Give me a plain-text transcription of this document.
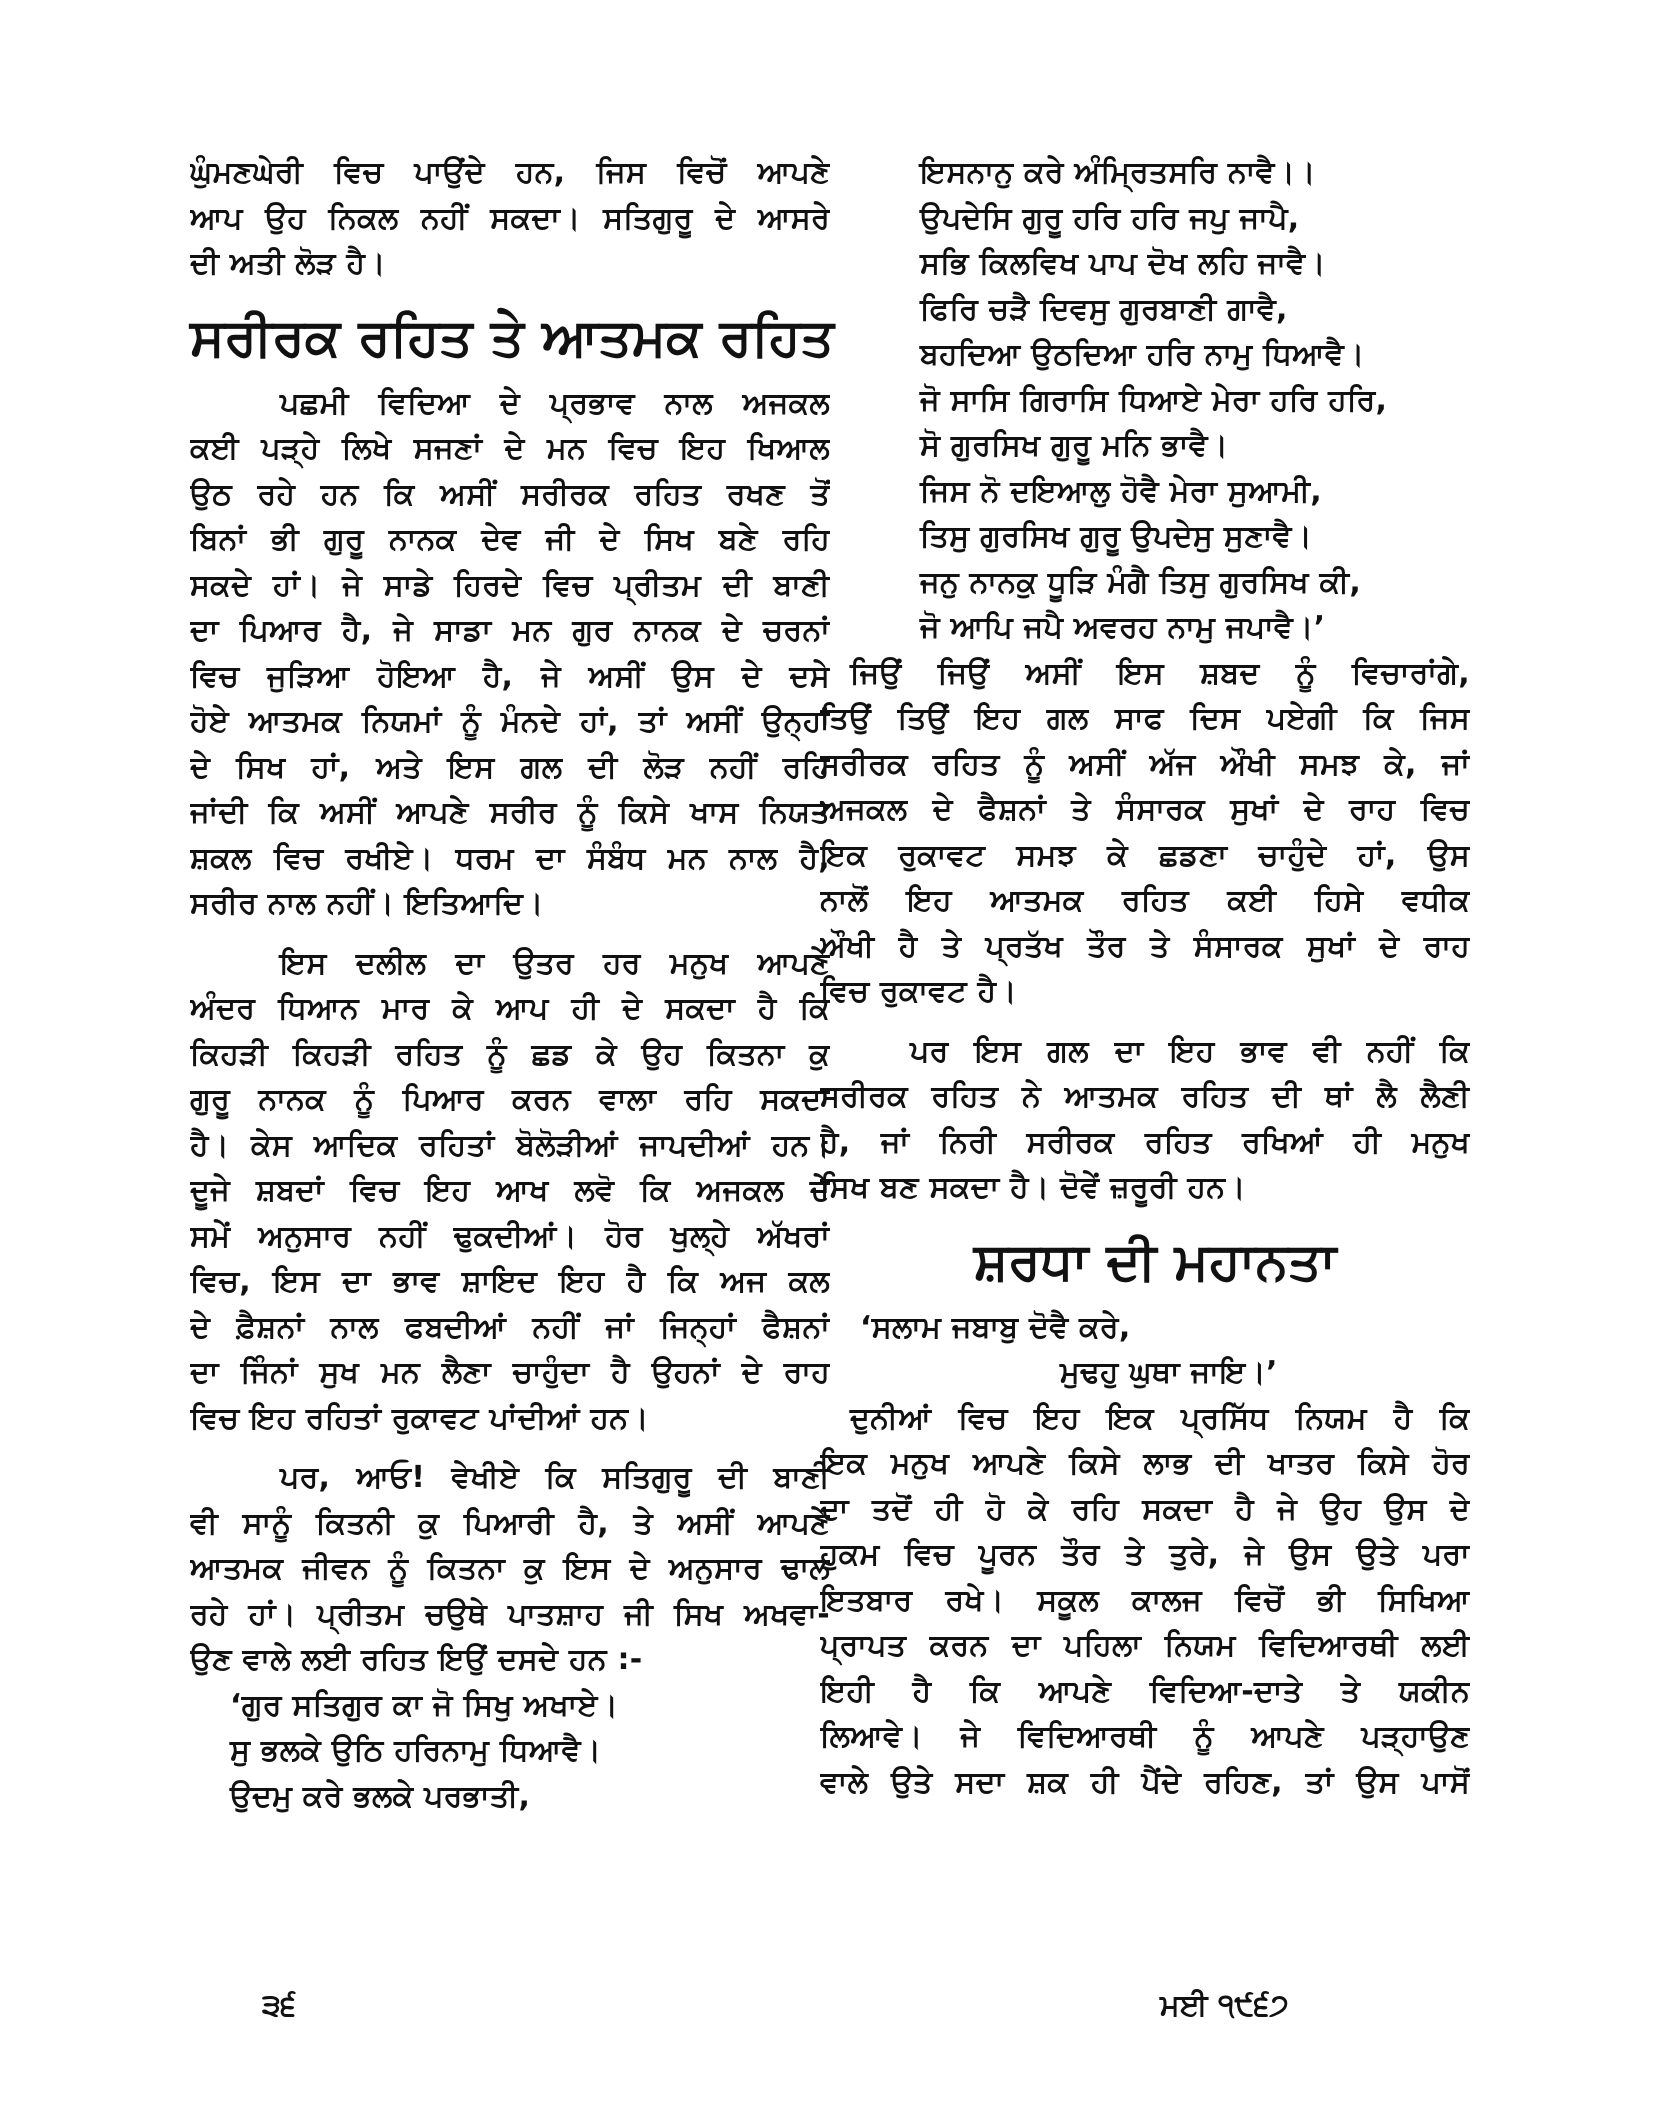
ਘੁੰਮਣਘੇਰੀ ਵਿਚ ਪਾਉਂਦੇ ਹਨ, ਜਿਸ ਵਿਚੋਂ ਆਪਣੇ
ਆਪ ਉਹ ਨਿਕਲ ਨਹੀਂ ਸਕਦਾ। ਸਤਿਗੁਰੂ ਦੇ ਆਸਰੇ
ਦੀ ਅਤੀ ਲੋੜ ਹੈ।
ਸਰੀਰਕ ਰਹਿਤ ਤੇ ਆਤਮਕ ਰਹਿਤ
ਪਛਮੀ ਵਿਦਿਆ ਦੇ ਪ੍ਰਭਾਵ ਨਾਲ ਅਜਕਲ
ਕਈ ਪੜ੍ਹੇ ਲਿਖੇ ਸਜਣਾਂ ਦੇ ਮਨ ਵਿਚ ਇਹ ਖਿਆਲ
ਉਠ ਰਹੇ ਹਨ ਕਿ ਅਸੀਂ ਸਰੀਰਕ ਰਹਿਤ ਰਖਣ ਤੋਂ
ਬਿਨਾਂ ਭੀ ਗੁਰੂ ਨਾਨਕ ਦੇਵ ਜੀ ਦੇ ਸਿਖ ਬਣੇ ਰਹਿ
ਸਕਦੇ ਹਾਂ। ਜੇ ਸਾਡੇ ਹਿਰਦੇ ਵਿਚ ਪ੍ਰੀਤਮ ਦੀ ਬਾਣੀ
ਦਾ ਪਿਆਰ ਹੈ, ਜੇ ਸਾਡਾ ਮਨ ਗੁਰ ਨਾਨਕ ਦੇ ਚਰਨਾਂ
ਵਿਚ ਜੁੜਿਆ ਹੋਇਆ ਹੈ, ਜੇ ਅਸੀਂ ਉਸ ਦੇ ਦਸੇ
ਹੋਏ ਆਤਮਕ ਨਿਯਮਾਂ ਨੂੰ ਮੰਨਦੇ ਹਾਂ, ਤਾਂ ਅਸੀਂ ਉਨ੍ਹਾਂ
ਦੇ ਸਿਖ ਹਾਂ, ਅਤੇ ਇਸ ਗਲ ਦੀ ਲੋੜ ਨਹੀਂ ਰਹਿ
ਜਾਂਦੀ ਕਿ ਅਸੀਂ ਆਪਣੇ ਸਰੀਰ ਨੂੰ ਕਿਸੇ ਖਾਸ ਨਿਯਤ
ਸ਼ਕਲ ਵਿਚ ਰਖੀਏ। ਧਰਮ ਦਾ ਸੰਬੰਧ ਮਨ ਨਾਲ ਹੈ,
ਸਰੀਰ ਨਾਲ ਨਹੀਂ। ਇਤਿਆਦਿ।
ਇਸ ਦਲੀਲ ਦਾ ਉਤਰ ਹਰ ਮਨੁਖ ਆਪਣੇ
ਅੰਦਰ ਧਿਆਨ ਮਾਰ ਕੇ ਆਪ ਹੀ ਦੇ ਸਕਦਾ ਹੈ ਕਿ
ਕਿਹੜੀ ਕਿਹੜੀ ਰਹਿਤ ਨੂੰ ਛਡ ਕੇ ਉਹ ਕਿਤਨਾ ਕੁ
ਗੁਰੂ ਨਾਨਕ ਨੂੰ ਪਿਆਰ ਕਰਨ ਵਾਲਾ ਰਹਿ ਸਕਦਾ
ਹੈ। ਕੇਸ ਆਦਿਕ ਰਹਿਤਾਂ ਬੋਲੋੜੀਆਂ ਜਾਪਦੀਆਂ ਹਨ।
ਦੂਜੇ ਸ਼ਬਦਾਂ ਵਿਚ ਇਹ ਆਖ ਲਵੋ ਕਿ ਅਜਕਲ ਦੇ
ਸਮੇਂ ਅਨੁਸਾਰ ਨਹੀਂ ਢੁਕਦੀਆਂ। ਹੋਰ ਖੁਲ੍ਹੇ ਅੱਖਰਾਂ
ਵਿਚ, ਇਸ ਦਾ ਭਾਵ ਸ਼ਾਇਦ ਇਹ ਹੈ ਕਿ ਅਜ ਕਲ
ਦੇ ਫ਼ੈਸ਼ਨਾਂ ਨਾਲ ਫਬਦੀਆਂ ਨਹੀਂ ਜਾਂ ਜਿਨ੍ਹਾਂ ਫੈਸ਼ਨਾਂ
ਦਾ ਜਿੰਨਾਂ ਸੁਖ ਮਨ ਲੈਣਾ ਚਾਹੁੰਦਾ ਹੈ ਉਹਨਾਂ ਦੇ ਰਾਹ
ਵਿਚ ਇਹ ਰਹਿਤਾਂ ਰੁਕਾਵਟ ਪਾਂਦੀਆਂ ਹਨ।
ਪਰ, ਆਓ! ਵੇਖੀਏ ਕਿ ਸਤਿਗੁਰੂ ਦੀ ਬਾਣੀ
ਵੀ ਸਾਨੂੰ ਕਿਤਨੀ ਕੁ ਪਿਆਰੀ ਹੈ, ਤੇ ਅਸੀਂ ਆਪਣੇ
ਆਤਮਕ ਜੀਵਨ ਨੂੰ ਕਿਤਨਾ ਕੁ ਇਸ ਦੇ ਅਨੁਸਾਰ ਢਾਲ
ਰਹੇ ਹਾਂ। ਪ੍ਰੀਤਮ ਚਉਥੇ ਪਾਤਸ਼ਾਹ ਜੀ ਸਿਖ ਅਖਵਾ-
ਉਣ ਵਾਲੇ ਲਈ ਰਹਿਤ ਇਉਂ ਦਸਦੇ ਹਨ :-
‘ਗੁਰ ਸਤਿਗੁਰ ਕਾ ਜੋ ਸਿਖੁ ਅਖਾਏ।
ਸੁ ਭਲਕੇ ਉਠਿ ਹਰਿਨਾਮੁ ਧਿਆਵੈ।
ਉਦਮੁ ਕਰੇ ਭਲਕੇ ਪਰਭਾਤੀ,
ਇਸਨਾਨੁ ਕਰੇ ਅੰਮ੍ਰਿਤਸਰਿ ਨਾਵੈ।।
ਉਪਦੇਸਿ ਗੁਰੂ ਹਰਿ ਹਰਿ ਜਪੁ ਜਾਪੈ,
ਸਭਿ ਕਿਲਵਿਖ ਪਾਪ ਦੋਖ ਲਹਿ ਜਾਵੈ।
ਫਿਰਿ ਚੜੈ ਦਿਵਸੁ ਗੁਰਬਾਣੀ ਗਾਵੈ,
ਬਹਦਿਆ ਉਠਦਿਆ ਹਰਿ ਨਾਮੁ ਧਿਆਵੈ।
ਜੋ ਸਾਸਿ ਗਿਰਾਸਿ ਧਿਆਏ ਮੇਰਾ ਹਰਿ ਹਰਿ,
ਸੋ ਗੁਰਸਿਖ ਗੁਰੂ ਮਨਿ ਭਾਵੈ।
ਜਿਸ ਨੋ ਦਇਆਲੁ ਹੋਵੈ ਮੇਰਾ ਸੁਆਮੀ,
ਤਿਸੁ ਗੁਰਸਿਖ ਗੁਰੂ ਉਪਦੇਸੁ ਸੁਣਾਵੈ।
ਜਨੁ ਨਾਨਕੁ ਧੂੜਿ ਮੰਗੈ ਤਿਸੁ ਗੁਰਸਿਖ ਕੀ,
ਜੋ ਆਪਿ ਜਪੈ ਅਵਰਹ ਨਾਮੁ ਜਪਾਵੈ।’
ਜਿਉਂ ਜਿਉਂ ਅਸੀਂ ਇਸ ਸ਼ਬਦ ਨੂੰ ਵਿਚਾਰਾਂਗੇ,
ਤਿਉਂ ਤਿਉਂ ਇਹ ਗਲ ਸਾਫ ਦਿਸ ਪਏਗੀ ਕਿ ਜਿਸ
ਸਰੀਰਕ ਰਹਿਤ ਨੂੰ ਅਸੀਂ ਅੱਜ ਔਖੀ ਸਮਝ ਕੇ, ਜਾਂ
ਅਜਕਲ ਦੇ ਫੈਸ਼ਨਾਂ ਤੇ ਸੰਸਾਰਕ ਸੁਖਾਂ ਦੇ ਰਾਹ ਵਿਚ
ਇਕ ਰੁਕਾਵਟ ਸਮਝ ਕੇ ਛਡਣਾ ਚਾਹੁੰਦੇ ਹਾਂ, ਉਸ
ਨਾਲੋਂ ਇਹ ਆਤਮਕ ਰਹਿਤ ਕਈ ਹਿਸੇ ਵਧੀਕ
ਔਖੀ ਹੈ ਤੇ ਪ੍ਰਤੱਖ ਤੌਰ ਤੇ ਸੰਸਾਰਕ ਸੁਖਾਂ ਦੇ ਰਾਹ
ਵਿਚ ਰੁਕਾਵਟ ਹੈ।
ਪਰ ਇਸ ਗਲ ਦਾ ਇਹ ਭਾਵ ਵੀ ਨਹੀਂ ਕਿ
ਸਰੀਰਕ ਰਹਿਤ ਨੇ ਆਤਮਕ ਰਹਿਤ ਦੀ ਥਾਂ ਲੈ ਲੈਣੀ
ਹੈ, ਜਾਂ ਨਿਰੀ ਸਰੀਰਕ ਰਹਿਤ ਰਖਿਆਂ ਹੀ ਮਨੁਖ
ਸਿਖ ਬਣ ਸਕਦਾ ਹੈ। ਦੋਵੇਂ ਜ਼ਰੂਰੀ ਹਨ।
ਸ਼ਰਧਾ ਦੀ ਮਹਾਨਤਾ
‘ਸਲਾਮ ਜਬਾਬੁ ਦੋਵੈ ਕਰੇ,
ਮੁਢਹੁ ਘੁਥਾ ਜਾਇ।’
ਦੁਨੀਆਂ ਵਿਚ ਇਹ ਇਕ ਪ੍ਰਸਿੱਧ ਨਿਯਮ ਹੈ ਕਿ
ਇਕ ਮਨੁਖ ਆਪਣੇ ਕਿਸੇ ਲਾਭ ਦੀ ਖਾਤਰ ਕਿਸੇ ਹੋਰ
ਦਾ ਤਦੋਂ ਹੀ ਹੋ ਕੇ ਰਹਿ ਸਕਦਾ ਹੈ ਜੇ ਉਹ ਉਸ ਦੇ
ਹੁਕਮ ਵਿਚ ਪੂਰਨ ਤੌਰ ਤੇ ਤੁਰੇ, ਜੇ ਉਸ ਉਤੇ ਪਰਾ
ਇਤਬਾਰ ਰਖੇ। ਸਕੂਲ ਕਾਲਜ ਵਿਚੋਂ ਭੀ ਸਿਖਿਆ
ਪ੍ਰਾਪਤ ਕਰਨ ਦਾ ਪਹਿਲਾ ਨਿਯਮ ਵਿਦਿਆਰਥੀ ਲਈ
ਇਹੀ ਹੈ ਕਿ ਆਪਣੇ ਵਿਦਿਆ-ਦਾਤੇ ਤੇ ਯਕੀਨ
ਲਿਆਵੇ। ਜੇ ਵਿਦਿਆਰਥੀ ਨੂੰ ਆਪਣੇ ਪੜ੍ਹਾਉਣ
ਵਾਲੇ ਉਤੇ ਸਦਾ ਸ਼ਕ ਹੀ ਪੈਂਦੇ ਰਹਿਣ, ਤਾਂ ਉਸ ਪਾਸੋਂ
੩੬	ਮਈ ੧੯੬੭
